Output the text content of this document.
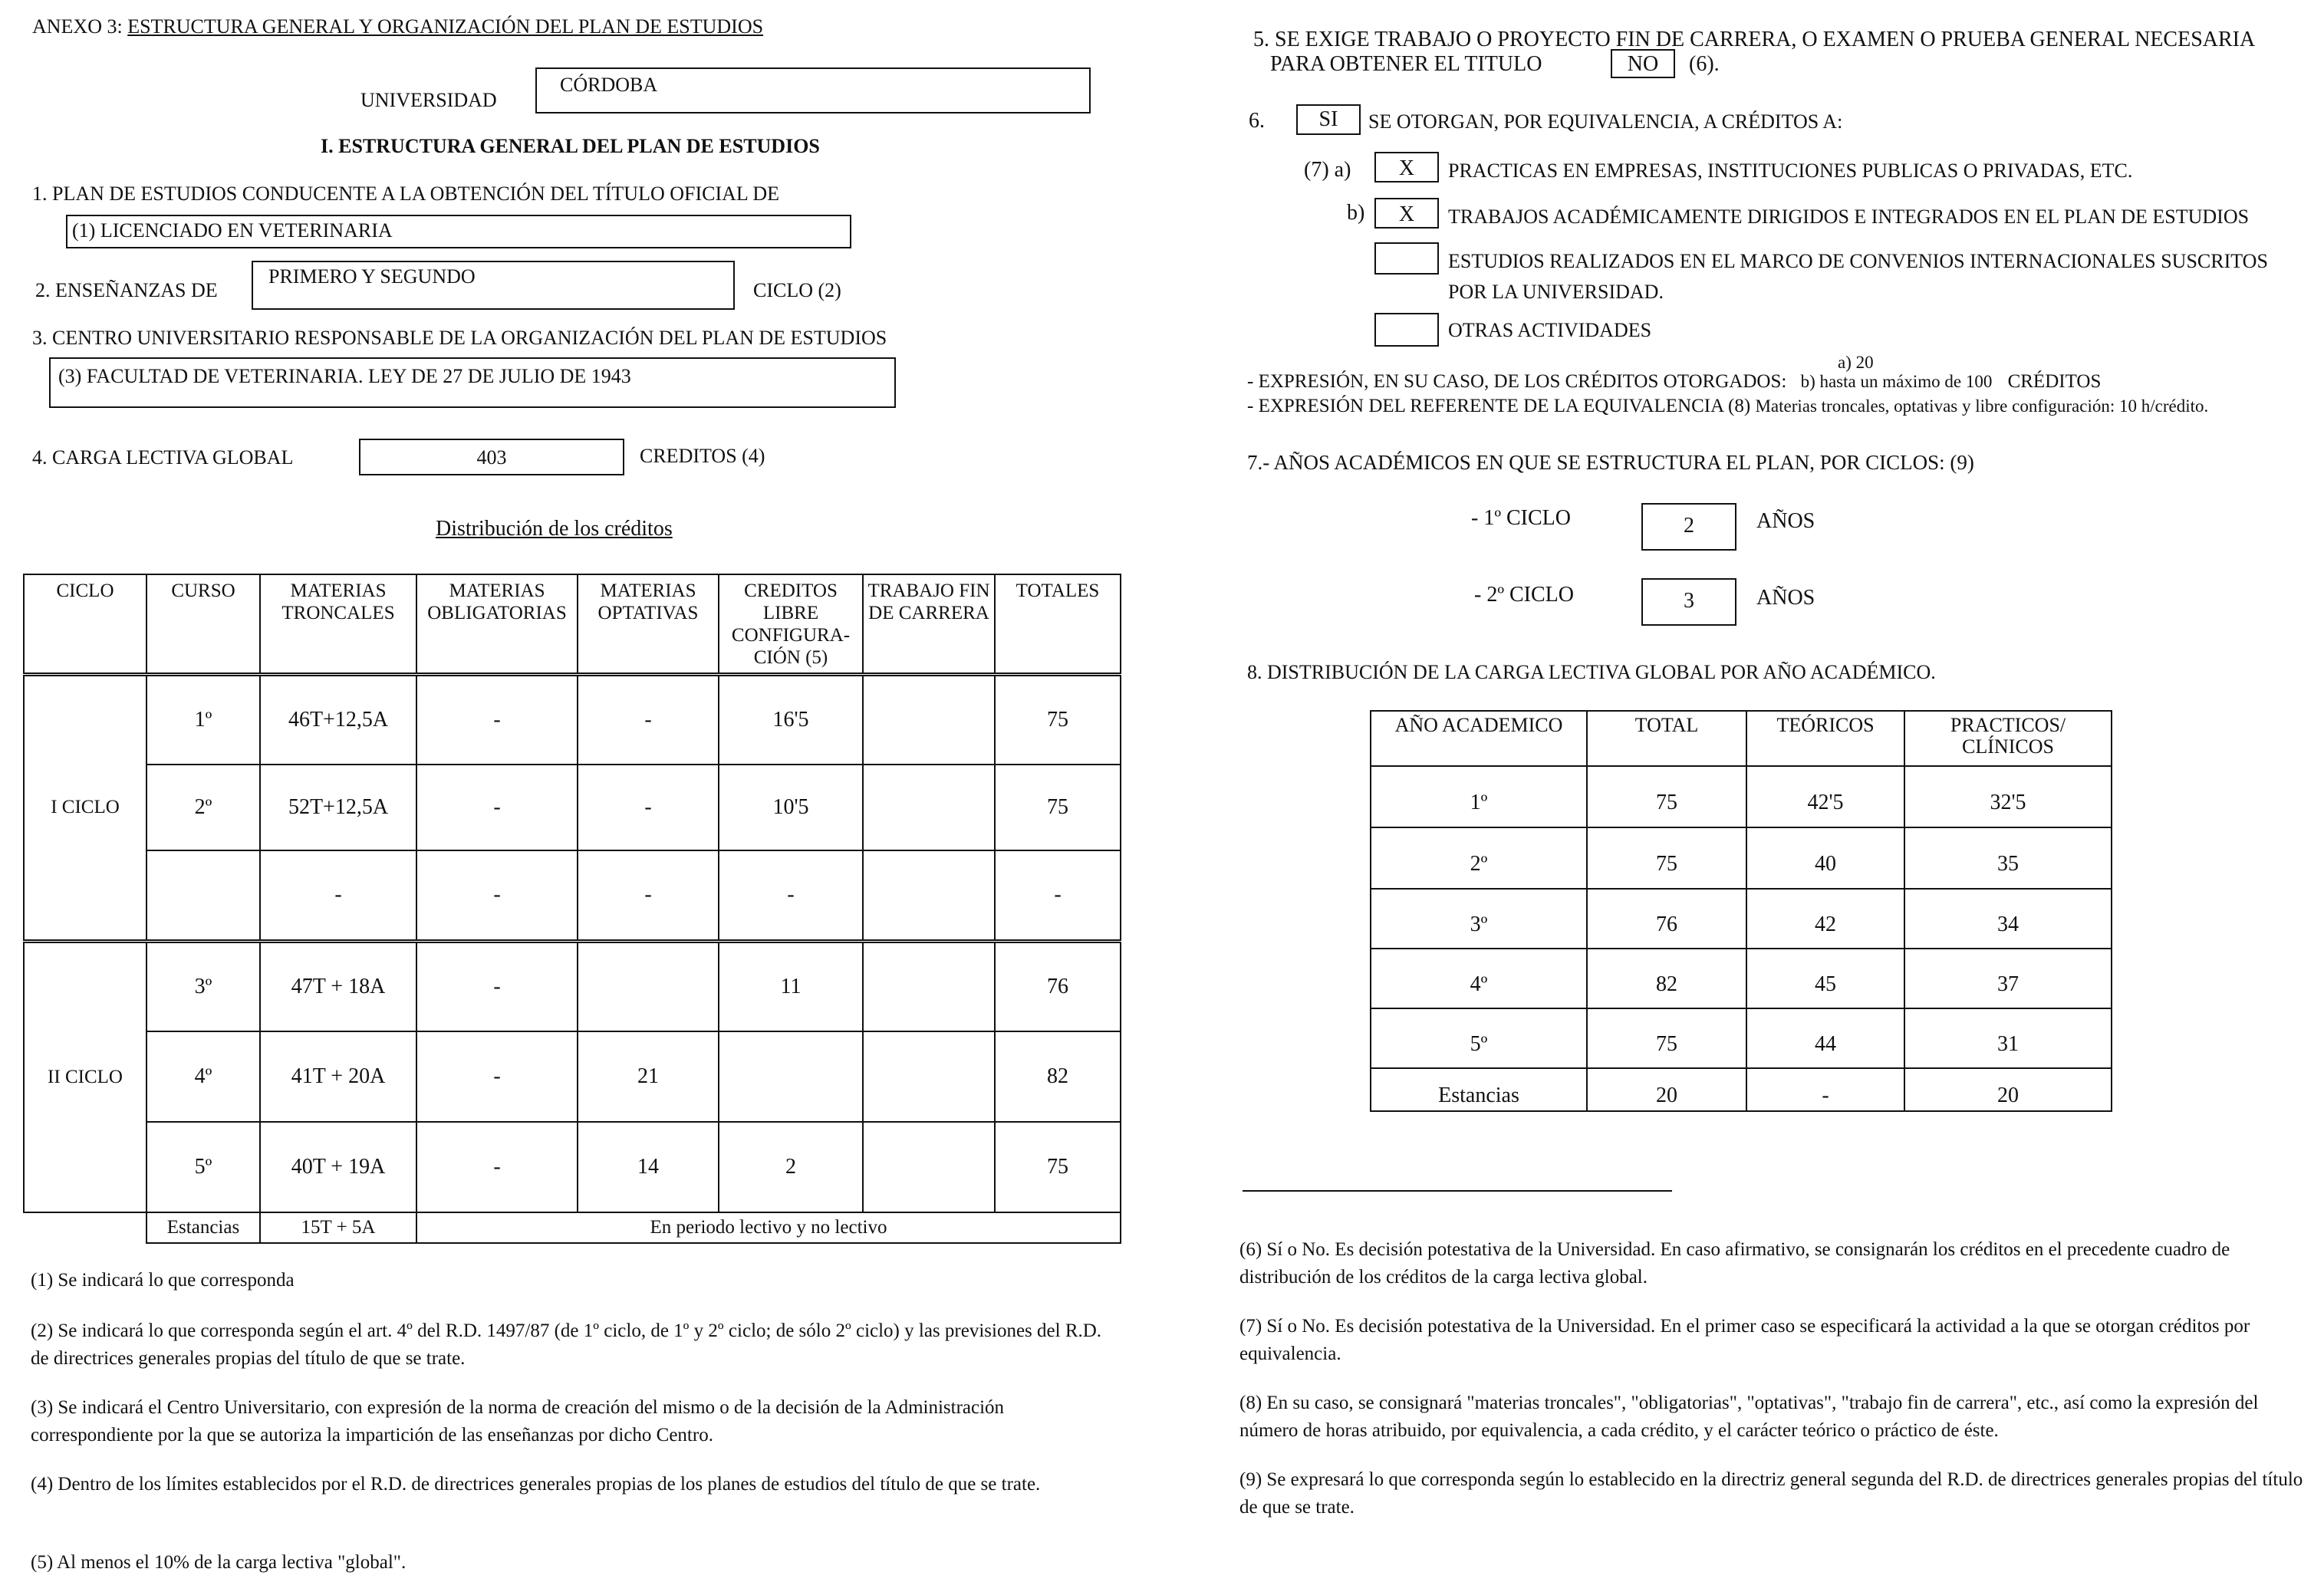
ANEXO 3: ESTRUCTURA GENERAL Y ORGANIZACIÓN DEL PLAN DE ESTUDIOS
UNIVERSIDAD
CÓRDOBA
I. ESTRUCTURA GENERAL DEL PLAN DE ESTUDIOS
1. PLAN DE ESTUDIOS CONDUCENTE A LA OBTENCIÓN DEL TÍTULO OFICIAL DE
(1) LICENCIADO EN VETERINARIA
2. ENSEÑANZAS DE
PRIMERO Y SEGUNDO
CICLO (2)
3. CENTRO UNIVERSITARIO RESPONSABLE DE LA ORGANIZACIÓN DEL PLAN DE ESTUDIOS
(3) FACULTAD DE VETERINARIA. LEY DE 27 DE JULIO DE 1943
4. CARGA LECTIVA GLOBAL	403	CREDITOS (4)
Distribución de los créditos
CICLO	CURSO	MATERIAS TRONCALES	MATERIAS OBLIGATORIAS	MATERIAS OPTATIVAS	CREDITOS LIBRE CONFIGURA-CIÓN (5)	TRABAJO FIN DE CARRERA	TOTALES
I CICLO	1º	46T+12,5A	-	-	16'5		75
	2º	52T+12,5A	-	-	10'5		75
		-	-	-	-		-
II CICLO	3º	47T + 18A	-		11		76
	4º	41T + 20A	-	21			82
	5º	40T + 19A	-	14	2		75
	Estancias	15T + 5A	En periodo lectivo y no lectivo				
(1) Se indicará lo que corresponda
(2) Se indicará lo que corresponda según el art. 4º del R.D. 1497/87 (de 1º ciclo, de 1º y 2º ciclo; de sólo 2º ciclo) y las previsiones del R.D. de directrices generales propias del título de que se trate.
(3) Se indicará el Centro Universitario, con expresión de la norma de creación del mismo o de la decisión de la Administración correspondiente por la que se autoriza la impartición de las enseñanzas por dicho Centro.
(4) Dentro de los límites establecidos por el R.D. de directrices generales propias de los planes de estudios del título de que se trate.
(5) Al menos el 10% de la carga lectiva "global".
5. SE EXIGE TRABAJO O PROYECTO FIN DE CARRERA, O EXAMEN O PRUEBA GENERAL NECESARIA
PARA OBTENER EL TITULO	NO	(6).
6.	SI	SE OTORGAN, POR EQUIVALENCIA, A CRÉDITOS A:
(7) a)	X	PRACTICAS EN EMPRESAS, INSTITUCIONES PUBLICAS O PRIVADAS, ETC.
b)	X	TRABAJOS ACADÉMICAMENTE DIRIGIDOS E INTEGRADOS EN EL PLAN DE ESTUDIOS
ESTUDIOS REALIZADOS EN EL MARCO DE CONVENIOS INTERNACIONALES SUSCRITOS
POR LA UNIVERSIDAD.
OTRAS ACTIVIDADES
a) 20
- EXPRESIÓN, EN SU CASO, DE LOS CRÉDITOS OTORGADOS: b) hasta un máximo de 100 CRÉDITOS
- EXPRESIÓN DEL REFERENTE DE LA EQUIVALENCIA (8) Materias troncales, optativas y libre configuración: 10 h/crédito.
7.- AÑOS ACADÉMICOS EN QUE SE ESTRUCTURA EL PLAN, POR CICLOS: (9)
- 1º CICLO	2	AÑOS
- 2º CICLO	3	AÑOS
8. DISTRIBUCIÓN DE LA CARGA LECTIVA GLOBAL POR AÑO ACADÉMICO.
AÑO ACADEMICO	TOTAL	TEÓRICOS	PRACTICOS/ CLÍNICOS
1º	75	42'5	32'5
2º	75	40	35
3º	76	42	34
4º	82	45	37
5º	75	44	31
Estancias	20	-	20
(6) Sí o No. Es decisión potestativa de la Universidad. En caso afirmativo, se consignarán los créditos en el precedente cuadro de distribución de los créditos de la carga lectiva global.
(7) Sí o No. Es decisión potestativa de la Universidad. En el primer caso se especificará la actividad a la que se otorgan créditos por equivalencia.
(8) En su caso, se consignará "materias troncales", "obligatorias", "optativas", "trabajo fin de carrera", etc., así como la expresión del número de horas atribuido, por equivalencia, a cada crédito, y el carácter teórico o práctico de éste.
(9) Se expresará lo que corresponda según lo establecido en la directriz general segunda del R.D. de directrices generales propias del título de que se trate.
